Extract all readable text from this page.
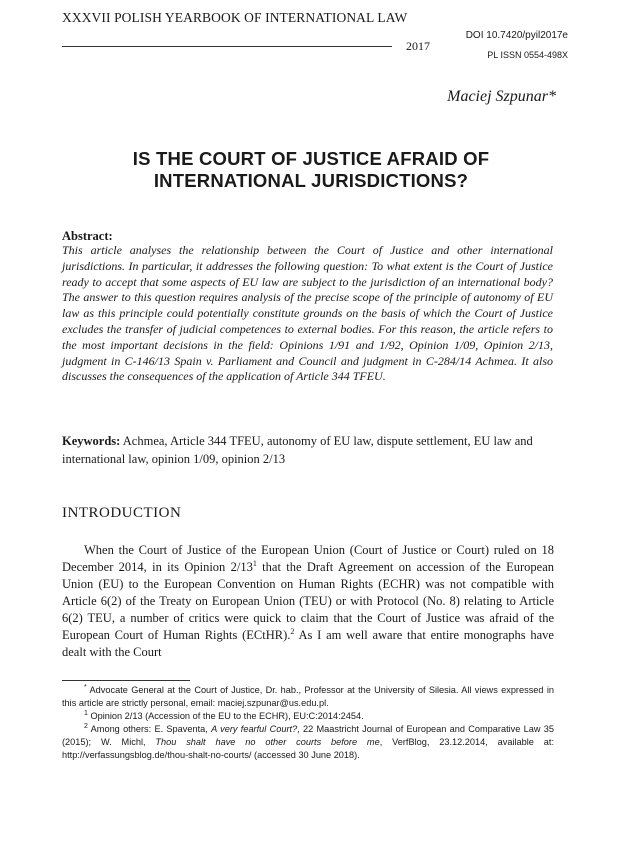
XXXVII POLISH YEARBOOK OF INTERNATIONAL LAW
2017
DOI 10.7420/pyil2017e
PL ISSN 0554-498X
Maciej Szpunar*
IS THE COURT OF JUSTICE AFRAID OF
INTERNATIONAL JURISDICTIONS?
Abstract:
This article analyses the relationship between the Court of Justice and other international jurisdictions. In particular, it addresses the following question: To what extent is the Court of Justice ready to accept that some aspects of EU law are subject to the jurisdiction of an international body? The answer to this question requires analysis of the precise scope of the principle of autonomy of EU law as this principle could potentially constitute grounds on the basis of which the Court of Justice excludes the transfer of judicial competences to external bodies. For this reason, the article refers to the most important decisions in the field: Opinions 1/91 and 1/92, Opinion 1/09, Opinion 2/13, judgment in C-146/13 Spain v. Parliament and Council and judgment in C-284/14 Achmea. It also discusses the consequences of the application of Article 344 TFEU.
Keywords: Achmea, Article 344 TFEU, autonomy of EU law, dispute settlement, EU law and international law, opinion 1/09, opinion 2/13
INTRODUCTION
When the Court of Justice of the European Union (Court of Justice or Court) ruled on 18 December 2014, in its Opinion $2/13^1$ that the Draft Agreement on accession of the European Union (EU) to the European Convention on Human Rights (ECHR) was not compatible with Article 6(2) of the Treaty on European Union (TEU) or with Protocol (No. 8) relating to Article 6(2) TEU, a number of critics were quick to claim that the Court of Justice was afraid of the European Court of Human Rights (ECtHR).$^2$ As I am well aware that entire monographs have dealt with the Court

* Advocate General at the Court of Justice, Dr. hab., Professor at the University of Silesia. All views expressed in this article are strictly personal, email: maciej.szpunar@us.edu.pl.

$^1$ Opinion 2/13 (Accession of the EU to the ECHR), EU:C:2014:2454.

$^2$ Among others: E. Spaventa, A very fearful Court?, 22 Maastricht Journal of European and Comparative Law 35 (2015); W. Michl, Thou shalt have no other courts before me, VerfBlog, 23.12.2014, available at: http://verfassungsblog.de/thou-shalt-no-courts/ (accessed 30 June 2018).
